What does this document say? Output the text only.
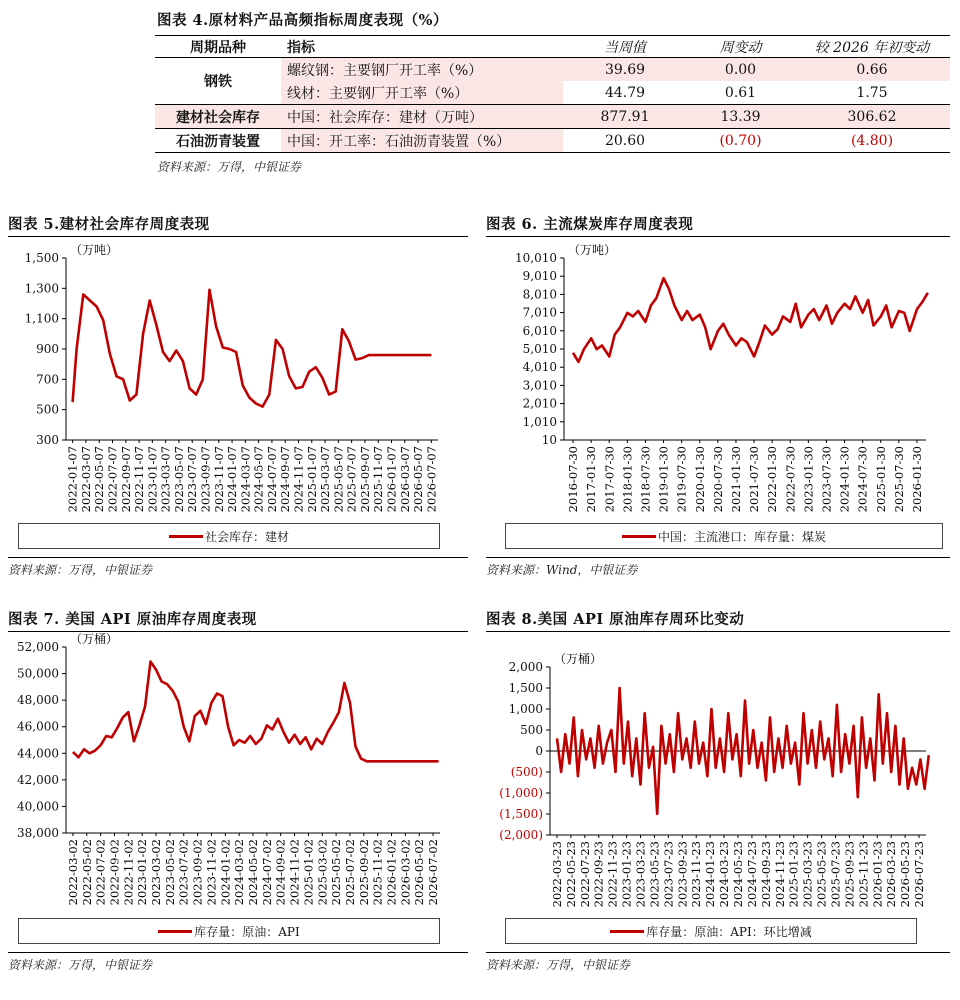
图表 4.原材料产品高频指标周度表现（%）
周期品种	指标	当周值	周变动	较 2026 年初变动
钢铁	螺纹钢：主要钢厂开工率（%）	39.69	0.00	0.66
	线材：主要钢厂开工率（%）	44.79	0.61	1.75
建材社会库存	中国：社会库存：建材（万吨）	877.91	13.39	306.62
石油沥青装置	中国：开工率：石油沥青装置（%）	20.60	(0.70)	(4.80)
资料来源：万得，中银证券
图表 5.建材社会库存周度表现
（万吨）
300
500
700
900
1,100
1,300
1,500
2022-01-07 2022-03-07 2022-05-07 2022-07-07 2022-09-07 2022-11-07 2023-01-07 2023-03-07 2023-05-07 2023-07-07 2023-09-07 2023-11-07 2024-01-07 2024-03-07 2024-05-07 2024-07-07 2024-09-07 2024-11-07 2025-01-07 2025-03-07 2025-05-07 2025-07-07 2025-09-07 2025-11-07 2026-01-07 2026-03-07 2026-05-07 2026-07-07
社会库存：建材
资料来源：万得，中银证券
图表 6. 主流煤炭库存周度表现
（万吨）
10
1,010
2,010
3,010
4,010
5,010
6,010
7,010
8,010
9,010
10,010
2016-07-30 2017-01-30 2017-07-30 2018-01-30 2018-07-30 2019-01-30 2019-07-30 2020-01-30 2020-07-30 2021-01-30 2021-07-30 2022-01-30 2022-07-30 2023-01-30 2023-07-30 2024-01-30 2024-07-30 2025-01-30 2025-07-30 2026-01-30
中国：主流港口：库存量：煤炭
资料来源：Wind，中银证券
图表 7. 美国 API 原油库存周度表现
（万桶）
38,000
40,000
42,000
44,000
46,000
48,000
50,000
52,000
2022-03-02 2022-05-02 2022-07-02 2022-09-02 2022-11-02 2023-01-02 2023-03-02 2023-05-02 2023-07-02 2023-09-02 2023-11-02 2024-01-02 2024-03-02 2024-05-02 2024-07-02 2024-09-02 2024-11-02 2025-01-02 2025-03-02 2025-05-02 2025-07-02 2025-09-02 2025-11-02 2026-01-02 2026-03-02 2026-05-02 2026-07-02
库存量：原油：API
资料来源：万得，中银证券
图表 8.美国 API 原油库存周环比变动
（万桶）
(2,000)
(1,500)
(1,000)
(500)
0
500
1,000
1,500
2,000
2022-03-23 2022-05-23 2022-07-23 2022-09-23 2022-11-23 2023-01-23 2023-03-23 2023-05-23 2023-07-23 2023-09-23 2023-11-23 2024-01-23 2024-03-23 2024-05-23 2024-07-23 2024-09-23 2024-11-23 2025-01-23 2025-03-23 2025-05-23 2025-07-23 2025-09-23 2025-11-23 2026-01-23 2026-03-23 2026-05-23 2026-07-23
库存量：原油：API：环比增减
资料来源：万得，中银证券
